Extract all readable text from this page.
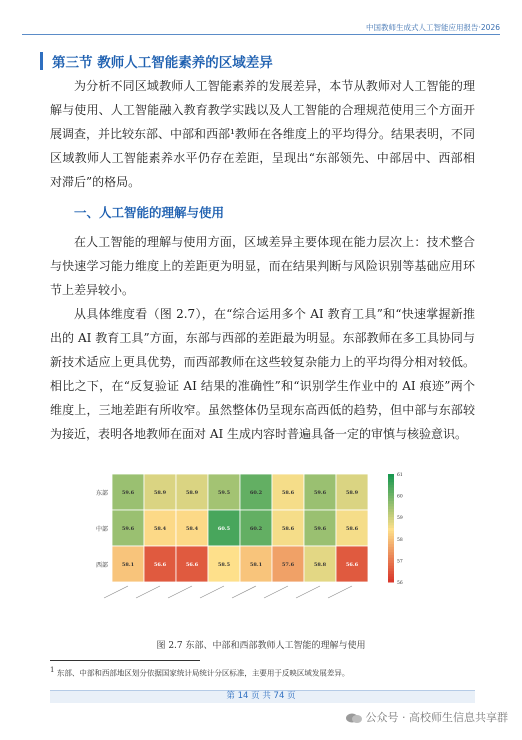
中国教师生成式人工智能应用报告·2026
第三节 教师人工智能素养的区域差异

为分析不同区域教师人工智能素养的发展差异，本节从教师对人工智能的理解与使用、人工智能融入教育教学实践以及人工智能的合理规范使用三个方面开展调查，并比较东部、中部和西部¹教师在各维度上的平均得分。结果表明，不同区域教师人工智能素养水平仍存在差距，呈现出“东部领先、中部居中、西部相对滞后”的格局。

一、人工智能的理解与使用

在人工智能的理解与使用方面，区域差异主要体现在能力层次上：技术整合与快速学习能力维度上的差距更为明显，而在结果判断与风险识别等基础应用环节上差异较小。

从具体维度看（图 2.7），在“综合运用多个 AI 教育工具”和“快速掌握新推出的 AI 教育工具”方面，东部与西部的差距最为明显。东部教师在多工具协同与新技术适应上更具优势，而西部教师在这些较复杂能力上的平均得分相对较低。相比之下，在“反复验证 AI 结果的准确性”和“识别学生作业中的 AI 痕迹”两个维度上，三地差距有所收窄。虽然整体仍呈现东高西低的趋势，但中部与东部较为接近，表明各地教师在面对 AI 生成内容时普遍具备一定的审慎与核验意识。

东部	59.6	58.9	58.9	59.5	60.2	58.6	59.6	58.9
中部	59.6	58.4	58.4	60.5	60.2	58.6	59.6	58.6
西部	58.1	56.6	56.6	58.5	58.1	57.6	58.8	56.6
61
60
59
58
57
56
图 2.7 东部、中部和西部教师人工智能的理解与使用
1 东部、中部和西部地区划分依据国家统计局统计分区标准，主要用于反映区域发展差异。
第 14 页 共 74 页
公众号 · 高校师生信息共享群
